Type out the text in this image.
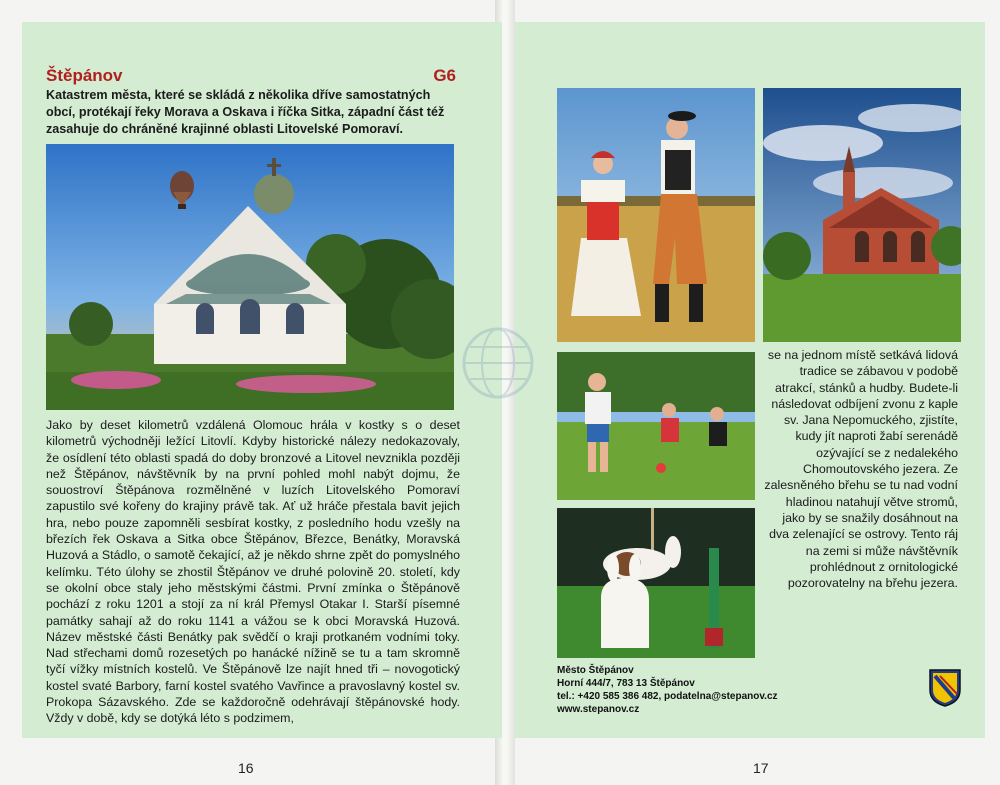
Štěpánov	G6
Katastrem města, které se skládá z několika dříve samostatných obcí, protékají řeky Morava a Oskava i říčka Sitka, západní část též zasahuje do chráněné krajinné oblasti Litovelské Pomoraví.
Jako by deset kilometrů vzdálená Olomouc hrála v kostky s o deset kilometrů východněji ležící Litovlí. Kdyby historické nálezy nedokazovaly, že osídlení této oblasti spadá do doby bronzové a Litovel nevznikla později než Štěpánov, návštěvník by na první pohled mohl nabýt dojmu, že souostroví Štěpánova rozmělněné v luzích Litovelského Pomoraví zapustilo své kořeny do krajiny právě tak. Ať už hráče přestala bavit jejich hra, nebo pouze zapomněli sesbírat kostky, z posledního hodu vzešly na březích řek Oskava a Sitka obce Štěpánov, Březce, Benátky, Moravská Huzová a Stádlo, o samotě čekající, až je někdo shrne zpět do pomyslného kelímku. Této úlohy se zhostil Štěpánov ve druhé polovině 20. století, kdy se okolní obce staly jeho městskými částmi. První zmínka o Štěpánově pochází z roku 1201 a stojí za ní král Přemysl Otakar I. Starší písemné památky sahají až do roku 1141 a vážou se k obci Moravská Huzová. Název městské části Benátky pak svědčí o kraji protkaném vodními toky. Nad střechami domů rozesetých po hanácké nížině se tu a tam skromně tyčí vížky místních kostelů. Ve Štěpánově lze najít hned tři – novogotický kostel svaté Barbory, farní kostel svatého Vavřince a pravoslavný kostel sv. Prokopa Sázavského. Zde se každoročně odehrávají štěpánovské hody. Vždy v době, kdy se dotýká léto s podzimem,
16
se na jednom místě setkává lidová tradice se zábavou v podobě atrakcí, stánků a hudby. Budete-li následovat odbíjení zvonu z kaple sv. Jana Nepomuckého, zjistíte, kudy jít naproti žabí serenádě ozývající se z nedalekého Chomoutovského jezera. Ze zalesněného břehu se tu nad vodní hladinou natahují větve stromů, jako by se snažily dosáhnout na dva zelenající se ostrovy. Tento ráj na zemi si může návštěvník prohlédnout z ornitologické pozorovatelny na břehu jezera.
Město Štěpánov
Horní 444/7, 783 13 Štěpánov
tel.: +420 585 386 482, podatelna@stepanov.cz
www.stepanov.cz
17
